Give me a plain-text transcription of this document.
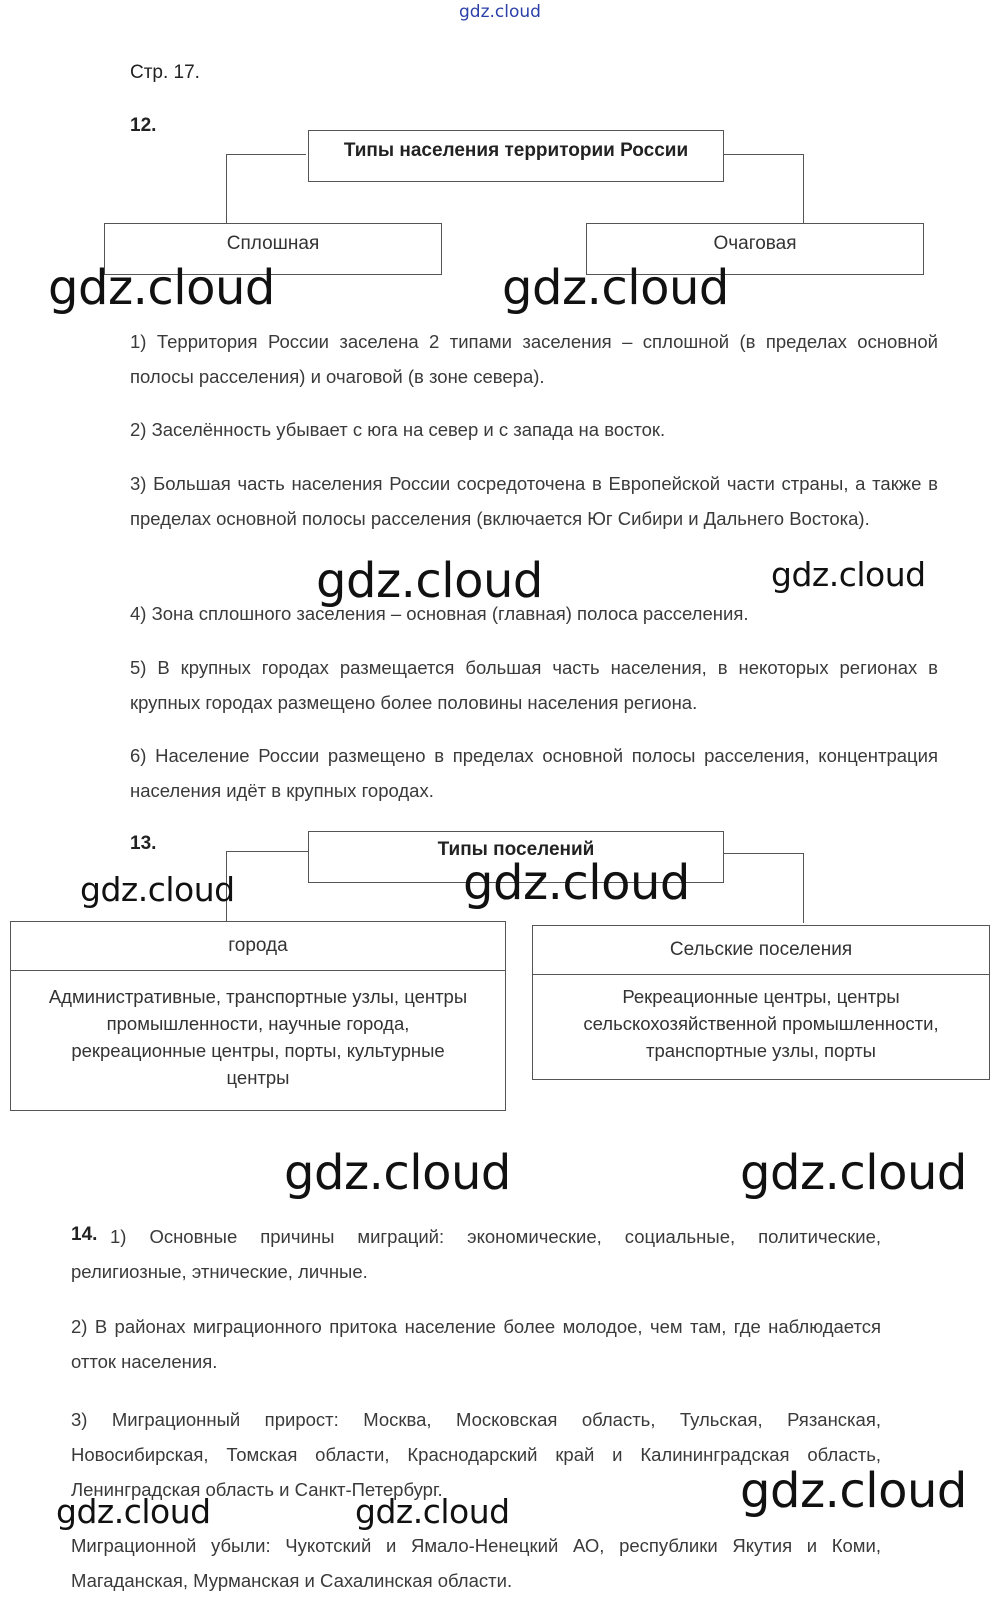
gdz.cloud
Стр. 17.
12.
Типы населения территории России
Сплошная	Очаговая
1) Территория России заселена 2 типами заселения – сплошной (в пределах основной полосы расселения) и очаговой (в зоне севера).
2) Заселённость убывает с юга на север и с запада на восток.
3) Большая часть населения России сосредоточена в Европейской части страны, а также в пределах основной полосы расселения (включается Юг Сибири и Дальнего Востока).
4) Зона сплошного заселения – основная (главная) полоса расселения.
5) В крупных городах размещается большая часть населения, в некоторых регионах в крупных городах размещено более половины населения региона.
6) Население России размещено в пределах основной полосы расселения, концентрация населения идёт в крупных городах.
13.	Типы поселений
города
Административные, транспортные узлы, центры промышленности, научные города, рекреационные центры, порты, культурные центры
Сельские поселения
Рекреационные центры, центры сельскохозяйственной промышленности, транспортные узлы, порты
14. 1) Основные причины миграций: экономические, социальные, политические, религиозные, этнические, личные.
2) В районах миграционного притока население более молодое, чем там, где наблюдается отток населения.
3) Миграционный прирост: Москва, Московская область, Тульская, Рязанская, Новосибирская, Томская области, Краснодарский край и Калининградская область, Ленинградская область и Санкт-Петербург.
Миграционной убыли: Чукотский и Ямало-Ненецкий АО, республики Якутия и Коми, Магаданская, Мурманская и Сахалинская области.
gdz.cloud	gdz.cloud
gdz.cloud	gdz.cloud
gdz.cloud	gdz.cloud
gdz.cloud	gdz.cloud
gdz.cloud
gdz.cloud	gdz.cloud
